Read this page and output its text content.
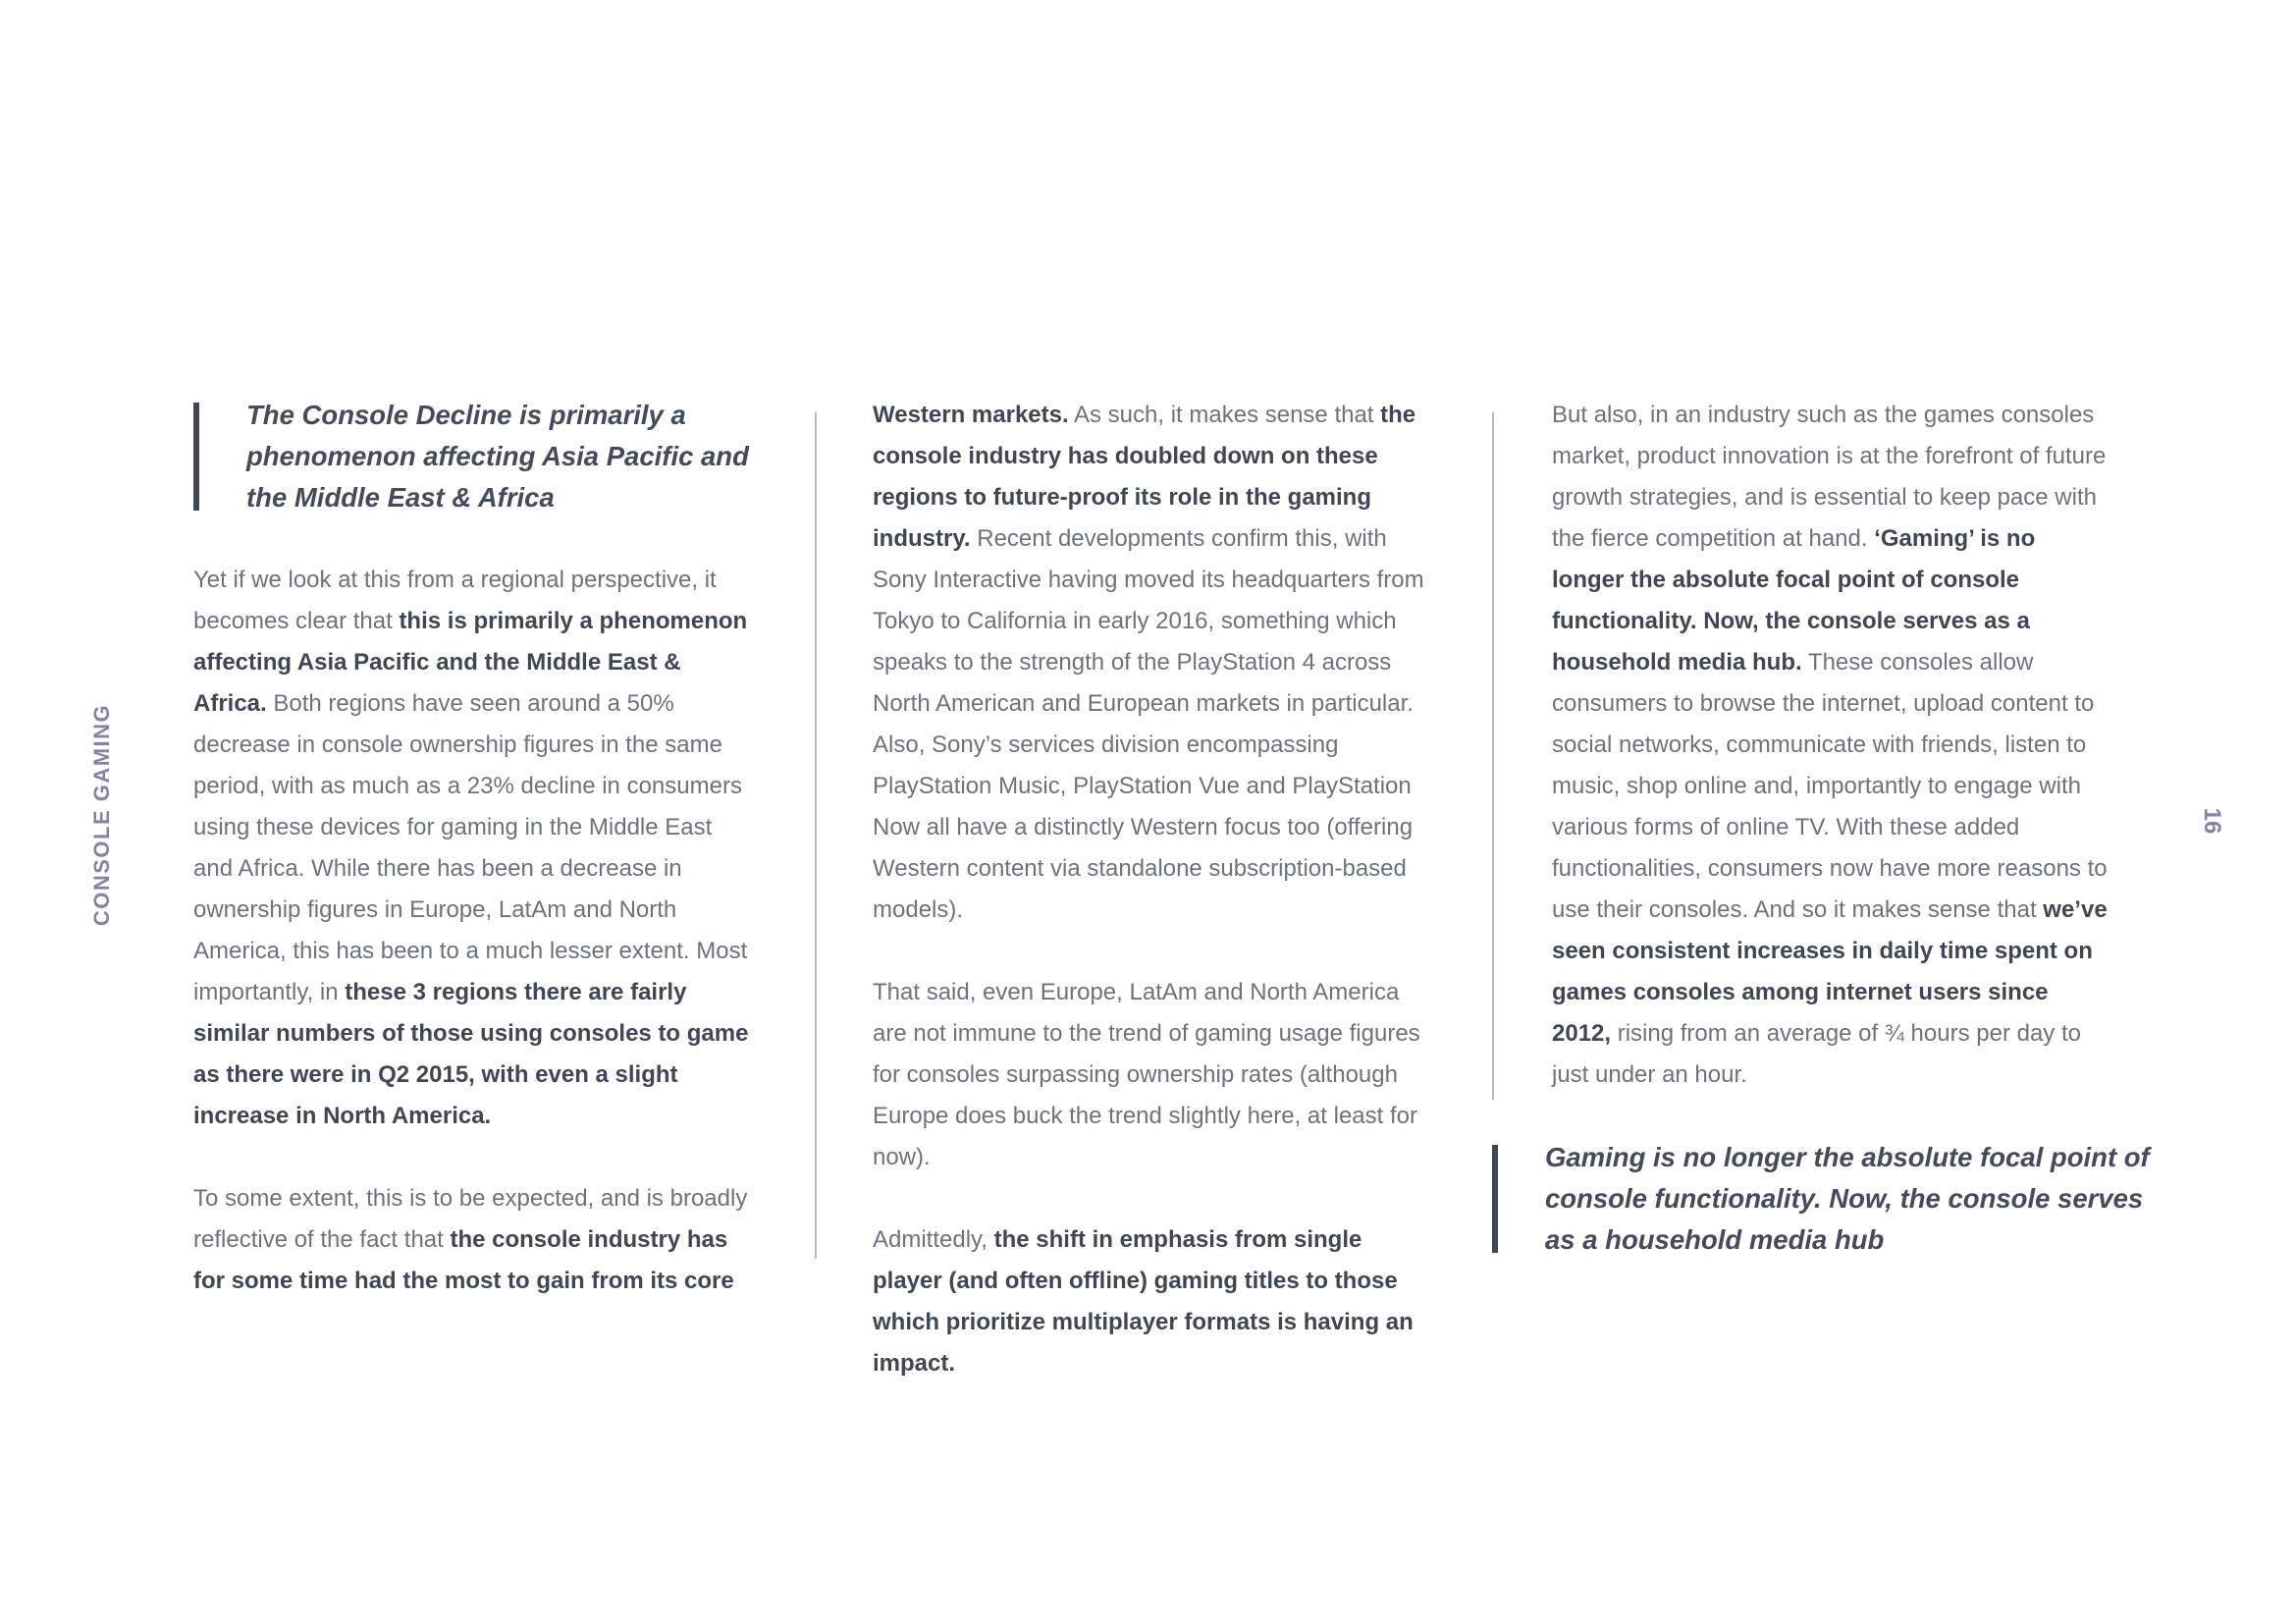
CONSOLE GAMING	16

The Console Decline is primarily a phenomenon affecting Asia Pacific and the Middle East & Africa

Yet if we look at this from a regional perspective, it becomes clear that this is primarily a phenomenon affecting Asia Pacific and the Middle East & Africa. Both regions have seen around a 50% decrease in console ownership figures in the same period, with as much as a 23% decline in consumers using these devices for gaming in the Middle East and Africa. While there has been a decrease in ownership figures in Europe, LatAm and North America, this has been to a much lesser extent. Most importantly, in these 3 regions there are fairly similar numbers of those using consoles to game as there were in Q2 2015, with even a slight increase in North America.

To some extent, this is to be expected, and is broadly reflective of the fact that the console industry has for some time had the most to gain from its core

Western markets. As such, it makes sense that the console industry has doubled down on these regions to future-proof its role in the gaming industry. Recent developments confirm this, with Sony Interactive having moved its headquarters from Tokyo to California in early 2016, something which speaks to the strength of the PlayStation 4 across North American and European markets in particular. Also, Sony’s services division encompassing PlayStation Music, PlayStation Vue and PlayStation Now all have a distinctly Western focus too (offering Western content via standalone subscription-based models).

That said, even Europe, LatAm and North America are not immune to the trend of gaming usage figures for consoles surpassing ownership rates (although Europe does buck the trend slightly here, at least for now).

Admittedly, the shift in emphasis from single player (and often offline) gaming titles to those which prioritize multiplayer formats is having an impact.

But also, in an industry such as the games consoles market, product innovation is at the forefront of future growth strategies, and is essential to keep pace with the fierce competition at hand. ‘Gaming’ is no longer the absolute focal point of console functionality. Now, the console serves as a household media hub. These consoles allow consumers to browse the internet, upload content to social networks, communicate with friends, listen to music, shop online and, importantly to engage with various forms of online TV. With these added functionalities, consumers now have more reasons to use their consoles. And so it makes sense that we’ve seen consistent increases in daily time spent on games consoles among internet users since 2012, rising from an average of ¾ hours per day to just under an hour.

Gaming is no longer the absolute focal point of console functionality. Now, the console serves as a household media hub
